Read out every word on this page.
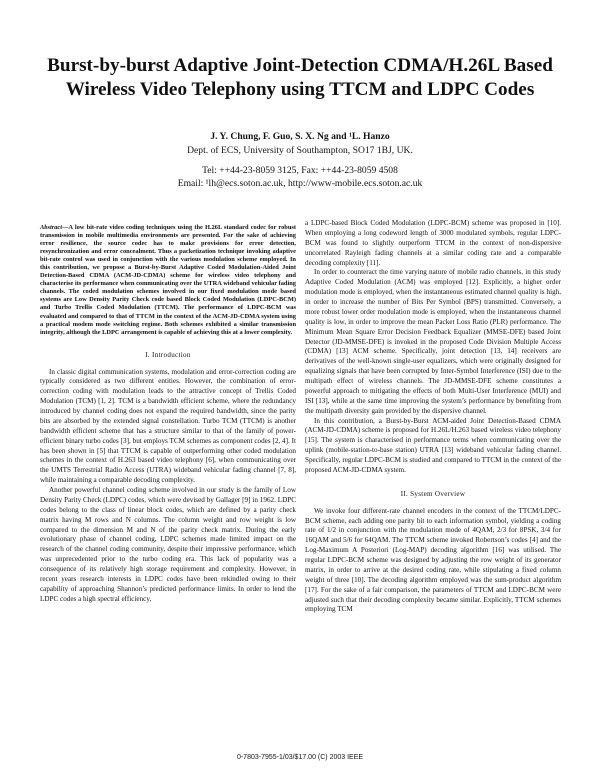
Burst-by-burst Adaptive Joint-Detection CDMA/H.26L Based Wireless Video Telephony using TTCM and LDPC Codes
J. Y. Chung, F. Guo, S. X. Ng and ¹L. Hanzo
Dept. of ECS, University of Southampton, SO17 1BJ, UK.
Tel: ++44-23-8059 3125, Fax: ++44-23-8059 4508
Email: ¹lh@ecs.soton.ac.uk, http://www-mobile.ecs.soton.ac.uk

Abstract—A low bit-rate video coding techniques using the H.26L standard codec for robust transmission in mobile multimedia environments are presented. For the sake of achieving error resilience, the source codec has to make provisions for error detection, resynchronization and error concealment. Thus a packetization technique invoking adaptive bit-rate control was used in conjunction with the various modulation scheme employed. In this contribution, we propose a Burst-by-Burst Adaptive Coded Modulation-Aided Joint Detection-Based CDMA (ACM-JD-CDMA) scheme for wireless video telephony and characterise its performance when communicating over the UTRA wideband vehicular fading channels. The coded modulation schemes involved in our fixed modulation mode based systems are Low Density Parity Check code based Block Coded Modulation (LDPC-BCM) and Turbo Trellis Coded Modulation (TTCM). The performance of LDPC-BCM was evaluated and compared to that of TTCM in the context of the ACM-JD-CDMA system using a practical modem mode switching regime. Both schemes exhibited a similar transmission integrity, although the LDPC arrangement is capable of achieving this at a lower complexity.

I. Introduction

In classic digital communication systems, modulation and error-correction coding are typically considered as two different entities. However, the combination of error-correction coding with modulation leads to the attractive concept of Trellis Coded Modulation (TCM) [1, 2]. TCM is a bandwidth efficient scheme, where the redundancy introduced by channel coding does not expand the required bandwidth, since the parity bits are absorbed by the extended signal constellation. Turbo TCM (TTCM) is another bandwidth efficient scheme that has a structure similar to that of the family of power-efficient binary turbo codes [3], but employs TCM schemes as component codes [2, 4]. It has been shown in [5] that TTCM is capable of outperforming other coded modulation schemes in the context of H.263 based video telephony [6], when communicating over the UMTS Terrestrial Radio Access (UTRA) wideband vehicular fading channel [7, 8], while maintaining a comparable decoding complexity.

Another powerful channel coding scheme involved in our study is the family of Low Density Parity Check (LDPC) codes, which were devised by Gallager [9] in 1962. LDPC codes belong to the class of linear block codes, which are defined by a parity check matrix having M rows and N columns. The column weight and row weight is low compared to the dimension M and N of the parity check matrix. During the early evolutionary phase of channel coding, LDPC schemes made limited impact on the research of the channel coding community, despite their impressive performance, which was unprecedented prior to the turbo coding era. This lack of popularity was a consequence of its relatively high storage requirement and complexity. However, in recent years research interests in LDPC codes have been rekindled owing to their capability of approaching Shannon’s predicted performance limits. In order to lend the LDPC codes a high spectral efficiency,

a LDPC-based Block Coded Modulation (LDPC-BCM) scheme was proposed in [10]. When employing a long codeword length of 3000 modulated symbols, regular LDPC-BCM was found to slightly outperform TTCM in the context of non-dispersive uncorrelated Rayleigh fading channels at a similar coding rate and a comparable decoding complexity [11].

In order to counteract the time varying nature of mobile radio channels, in this study Adaptive Coded Modulation (ACM) was employed [12]. Explicitly, a higher order modulation mode is employed, when the instantaneous estimated channel quality is high, in order to increase the number of Bits Per Symbol (BPS) transmitted. Conversely, a more robust lower order modulation mode is employed, when the instantaneous channel quality is low, in order to improve the mean Packet Loss Ratio (PLR) performance. The Minimum Mean Square Error Decision Feedback Equalizer (MMSE-DFE) based Joint Detector (JD-MMSE-DFE) is invoked in the proposed Code Division Multiple Access (CDMA) [13] ACM scheme. Specifically, joint detection [13, 14] receivers are derivatives of the well-known single-user equalizers, which were originally designed for equalizing signals that have been corrupted by Inter-Symbol Interference (ISI) due to the multipath effect of wireless channels. The JD-MMSE-DFE scheme constitutes a powerful approach to mitigating the effects of both Multi-User Interference (MUI) and ISI [13], while at the same time improving the system’s performance by benefiting from the multipath diversity gain provided by the dispersive channel.

In this contribution, a Burst-by-Burst ACM-aided Joint Detection-Based CDMA (ACM-JD-CDMA) scheme is proposed for H.26L/H.263 based wireless video telephony [15]. The system is characterised in performance terms when communicating over the uplink (mobile-station-to-base station) UTRA [13] wideband vehicular fading channel. Specifically, regular LDPC-BCM is studied and compared to TTCM in the context of the proposed ACM-JD-CDMA system.

II. System Overview

We invoke four different-rate channel encoders in the context of the TTCM/LDPC-BCM scheme, each adding one parity bit to each information symbol, yielding a coding rate of 1/2 in conjunction with the modulation mode of 4QAM, 2/3 for 8PSK, 3/4 for 16QAM and 5/6 for 64QAM. The TTCM scheme invoked Robertson’s codes [4] and the Log-Maximum A Posteriori (Log-MAP) decoding algorithm [16] was utilised. The regular LDPC-BCM scheme was designed by adjusting the row weight of its generator matrix, in order to arrive at the desired coding rate, while stipulating a fixed column weight of three [10]. The decoding algorithm employed was the sum-product algorithm [17]. For the sake of a fair comparison, the parameters of TTCM and LDPC-BCM were adjusted such that their decoding complexity became similar. Explicitly, TTCM schemes employing TCM

0-7803-7955-1/03/$17.00 (C) 2003 IEEE
